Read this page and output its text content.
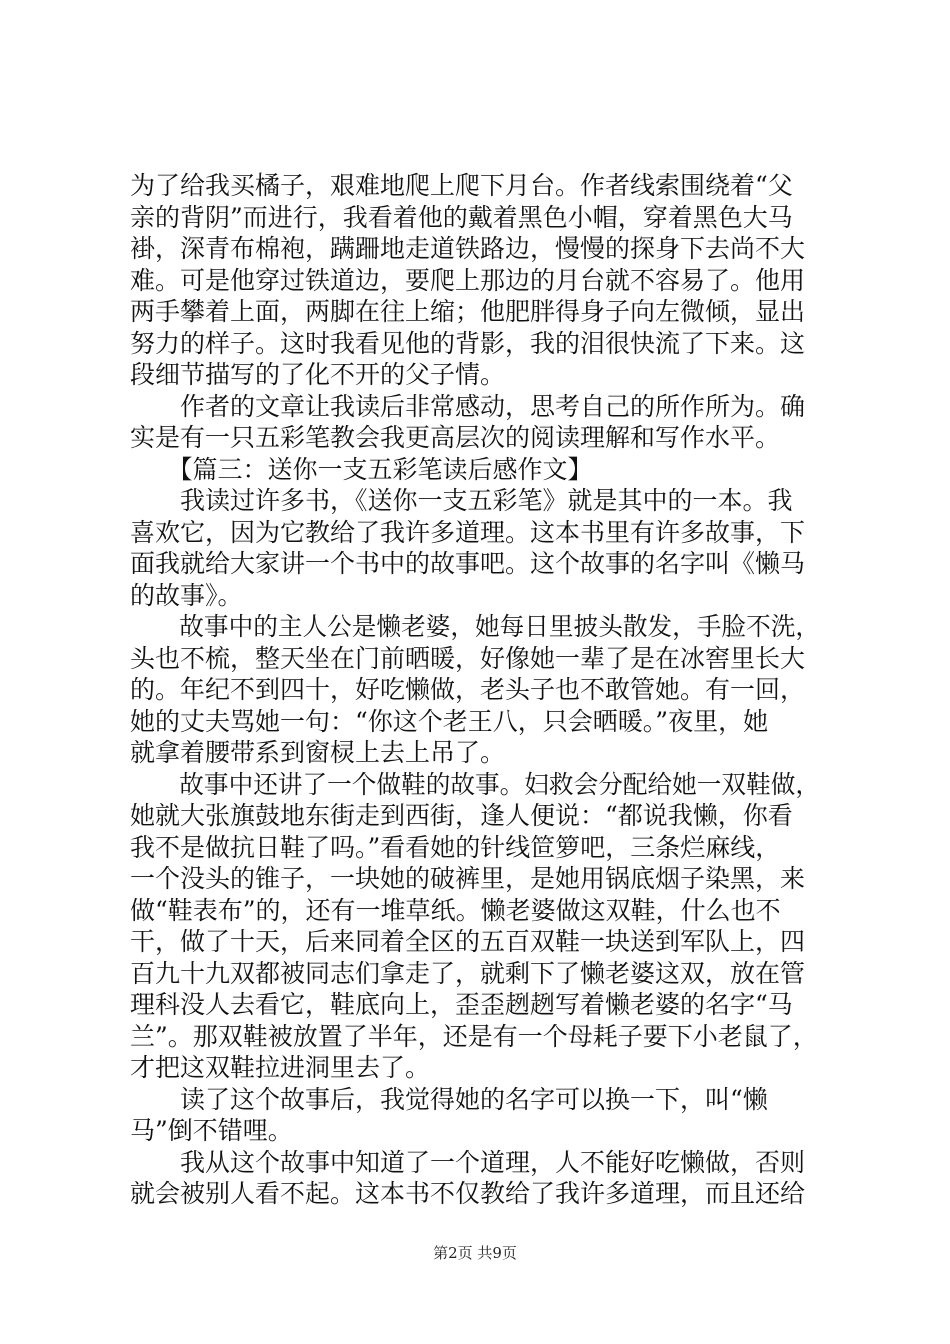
为了给我买橘子，艰难地爬上爬下月台。作者线索围绕着“父
亲的背阴”而进行，我看着他的戴着黑色小帽，穿着黑色大马
褂，深青布棉袍，蹒跚地走道铁路边，慢慢的探身下去尚不大
难。可是他穿过铁道边，要爬上那边的月台就不容易了。他用
两手攀着上面，两脚在往上缩；他肥胖得身子向左微倾，显出
努力的样子。这时我看见他的背影，我的泪很快流了下来。这
段细节描写的了化不开的父子情。
　　作者的文章让我读后非常感动，思考自己的所作所为。确
实是有一只五彩笔教会我更高层次的阅读理解和写作水平。
　　【篇三：送你一支五彩笔读后感作文】
　　我读过许多书，《送你一支五彩笔》就是其中的一本。我
喜欢它，因为它教给了我许多道理。这本书里有许多故事，下
面我就给大家讲一个书中的故事吧。这个故事的名字叫《懒马
的故事》。
　　故事中的主人公是懒老婆，她每日里披头散发，手脸不洗，
头也不梳，整天坐在门前晒暖，好像她一辈了是在冰窖里长大
的。年纪不到四十，好吃懒做，老头子也不敢管她。有一回，
她的丈夫骂她一句：“你这个老王八，只会晒暖。”夜里，她
就拿着腰带系到窗棂上去上吊了。
　　故事中还讲了一个做鞋的故事。妇救会分配给她一双鞋做，
她就大张旗鼓地东街走到西街，逢人便说：“都说我懒，你看
我不是做抗日鞋了吗。”看看她的针线笸箩吧，三条烂麻线，
一个没头的锥子，一块她的破裤里，是她用锅底烟子染黑，来
做“鞋表布”的，还有一堆草纸。懒老婆做这双鞋，什么也不
干，做了十天，后来同着全区的五百双鞋一块送到军队上，四
百九十九双都被同志们拿走了，就剩下了懒老婆这双，放在管
理科没人去看它，鞋底向上，歪歪趔趔写着懒老婆的名字“马
兰”。那双鞋被放置了半年，还是有一个母耗子要下小老鼠了，
才把这双鞋拉进洞里去了。
　　读了这个故事后，我觉得她的名字可以换一下，叫“懒
马”倒不错哩。
　　我从这个故事中知道了一个道理，人不能好吃懒做，否则
就会被别人看不起。这本书不仅教给了我许多道理，而且还给
第2页 共9页
